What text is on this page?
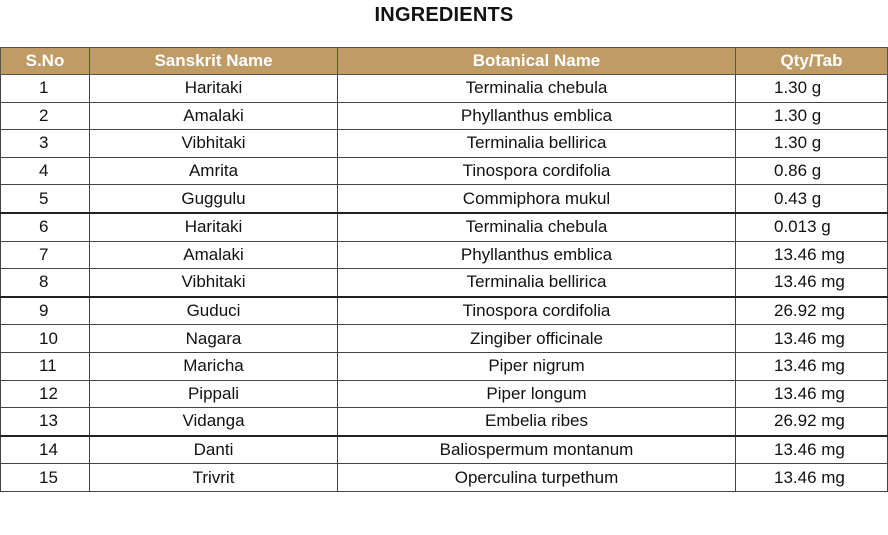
INGREDIENTS
S.No	Sanskrit Name	Botanical Name	Qty/Tab
1	Haritaki	Terminalia chebula	1.30 g
2	Amalaki	Phyllanthus emblica	1.30 g
3	Vibhitaki	Terminalia bellirica	1.30 g
4	Amrita	Tinospora cordifolia	0.86 g
5	Guggulu	Commiphora mukul	0.43 g
6	Haritaki	Terminalia chebula	0.013 g
7	Amalaki	Phyllanthus emblica	13.46 mg
8	Vibhitaki	Terminalia bellirica	13.46 mg
9	Guduci	Tinospora cordifolia	26.92 mg
10	Nagara	Zingiber officinale	13.46 mg
11	Maricha	Piper nigrum	13.46 mg
12	Pippali	Piper longum	13.46 mg
13	Vidanga	Embelia ribes	26.92 mg
14	Danti	Baliospermum montanum	13.46 mg
15	Trivrit	Operculina turpethum	13.46 mg
